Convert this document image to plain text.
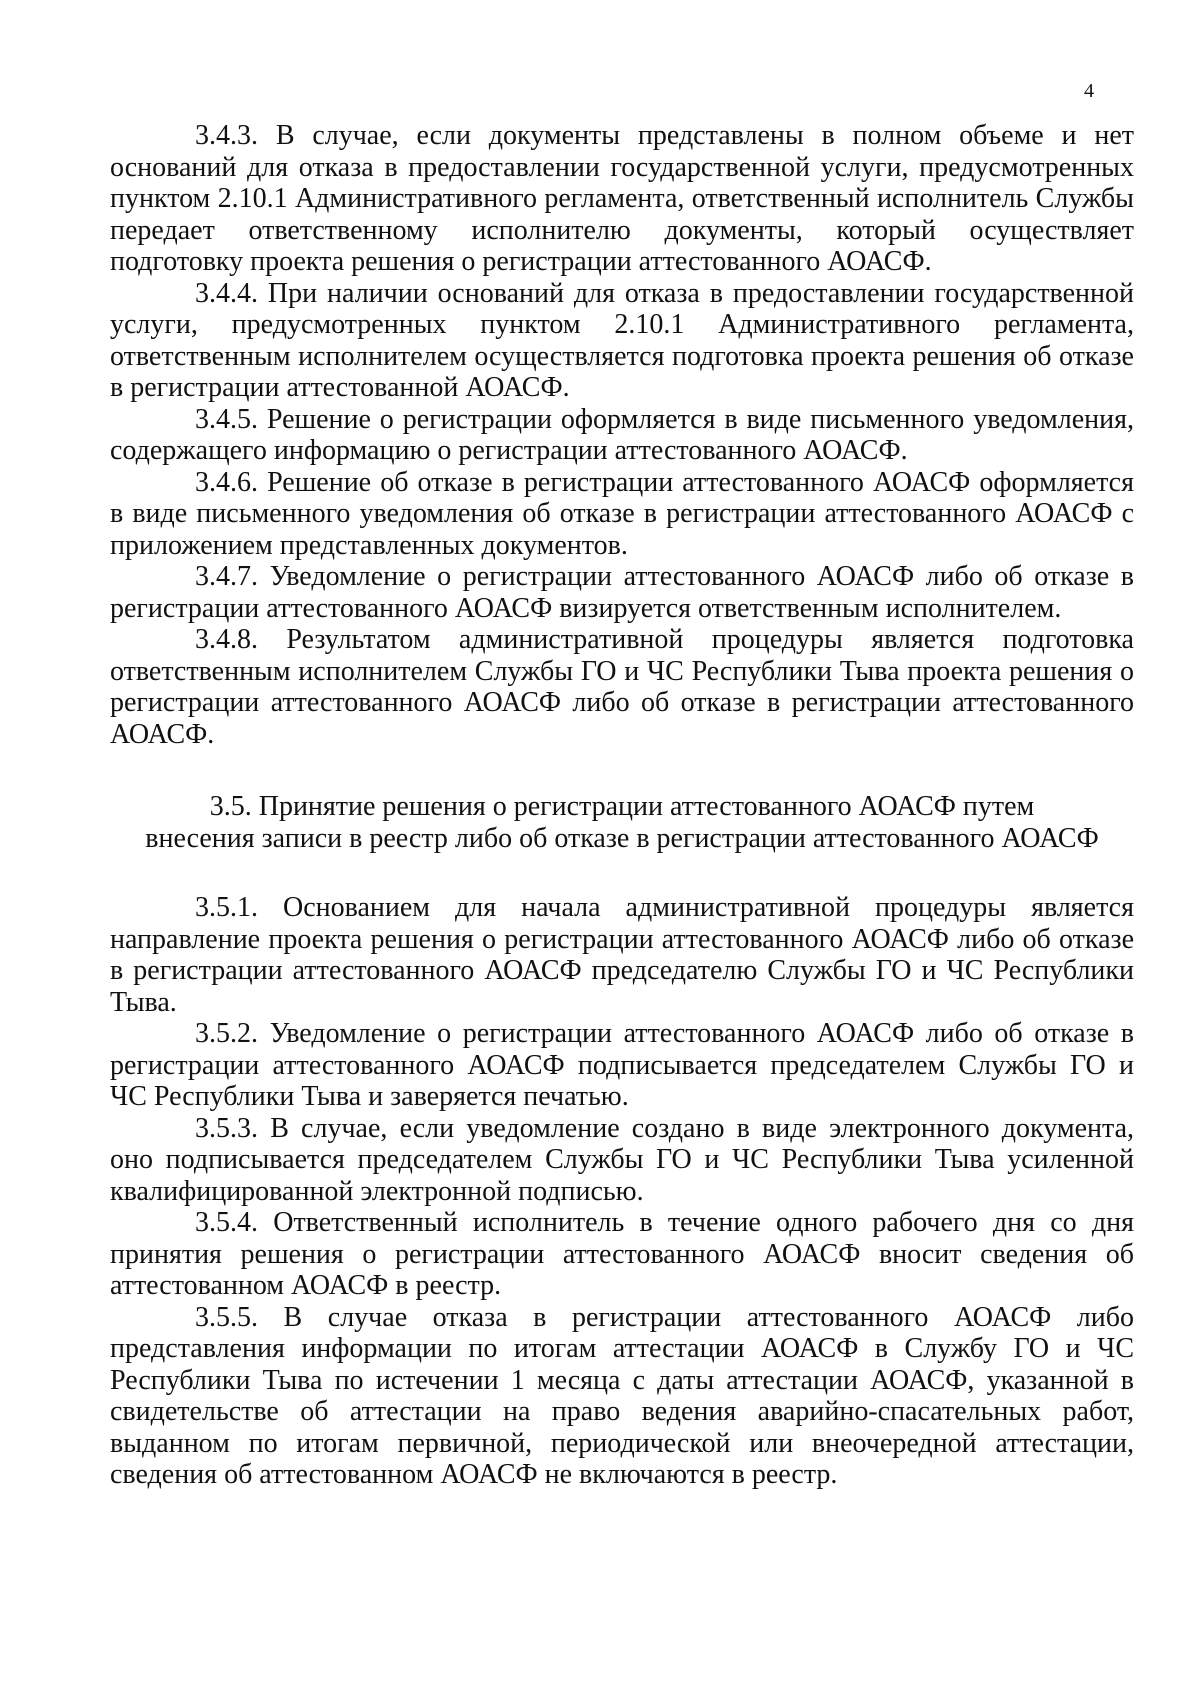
4

3.4.3. В случае, если документы представлены в полном объеме и нет оснований для отказа в предоставлении государственной услуги, предусмотренных пунктом 2.10.1 Административного регламента, ответственный исполнитель Службы передает ответственному исполнителю документы, который осуществляет подготовку проекта решения о регистрации аттестованного АОАСФ.

3.4.4. При наличии оснований для отказа в предоставлении государственной услуги, предусмотренных пунктом 2.10.1 Административного регламента, ответственным исполнителем осуществляется подготовка проекта решения об отказе в регистрации аттестованной АОАСФ.

3.4.5. Решение о регистрации оформляется в виде письменного уведомления, содержащего информацию о регистрации аттестованного АОАСФ.

3.4.6. Решение об отказе в регистрации аттестованного АОАСФ оформляется в виде письменного уведомления об отказе в регистрации аттестованного АОАСФ с приложением представленных документов.

3.4.7. Уведомление о регистрации аттестованного АОАСФ либо об отказе в регистрации аттестованного АОАСФ визируется ответственным исполнителем.

3.4.8. Результатом административной процедуры является подготовка ответственным исполнителем Службы ГО и ЧС Республики Тыва проекта решения о регистрации аттестованного АОАСФ либо об отказе в регистрации аттестованного АОАСФ.

3.5. Принятие решения о регистрации аттестованного АОАСФ путем

внесения записи в реестр либо об отказе в регистрации аттестованного АОАСФ

3.5.1. Основанием для начала административной процедуры является направление проекта решения о регистрации аттестованного АОАСФ либо об отказе в регистрации аттестованного АОАСФ председателю Службы ГО и ЧС Республики Тыва.

3.5.2. Уведомление о регистрации аттестованного АОАСФ либо об отказе в регистрации аттестованного АОАСФ подписывается председателем Службы ГО и ЧС Республики Тыва и заверяется печатью.

3.5.3. В случае, если уведомление создано в виде электронного документа, оно подписывается председателем Службы ГО и ЧС Республики Тыва усиленной квалифицированной электронной подписью.

3.5.4. Ответственный исполнитель в течение одного рабочего дня со дня принятия решения о регистрации аттестованного АОАСФ вносит сведения об аттестованном АОАСФ в реестр.

3.5.5. В случае отказа в регистрации аттестованного АОАСФ либо представления информации по итогам аттестации АОАСФ в Службу ГО и ЧС Республики Тыва по истечении 1 месяца с даты аттестации АОАСФ, указанной в свидетельстве об аттестации на право ведения аварийно-спасательных работ, выданном по итогам первичной, периодической или внеочередной аттестации, сведения об аттестованном АОАСФ не включаются в реестр.
